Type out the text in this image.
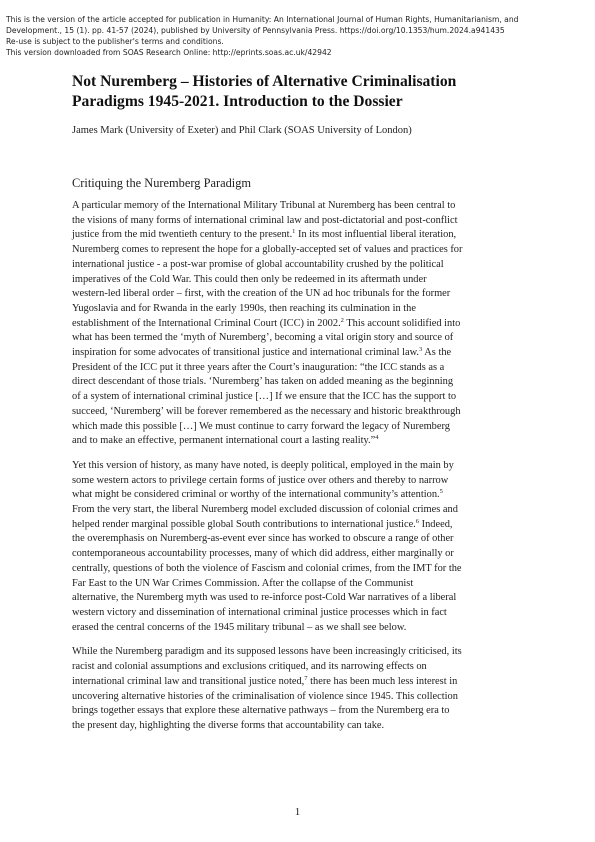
This is the version of the article accepted for publication in Humanity: An International Journal of Human Rights, Humanitarianism, and
Development., 15 (1). pp. 41-57 (2024), published by University of Pennsylvania Press. https://doi.org/10.1353/hum.2024.a941435
Re-use is subject to the publisher's terms and conditions.
This version downloaded from SOAS Research Online: http://eprints.soas.ac.uk/42942
Not Nuremberg – Histories of Alternative Criminalisation
Paradigms 1945-2021. Introduction to the Dossier
James Mark (University of Exeter) and Phil Clark (SOAS University of London)
Critiquing the Nuremberg Paradigm
A particular memory of the International Military Tribunal at Nuremberg has been central to
the visions of many forms of international criminal law and post-dictatorial and post-conflict
justice from the mid twentieth century to the present.$^1$ In its most influential liberal iteration,
Nuremberg comes to represent the hope for a globally-accepted set of values and practices for
international justice - a post-war promise of global accountability crushed by the political
imperatives of the Cold War. This could then only be redeemed in its aftermath under
western-led liberal order – first, with the creation of the UN ad hoc tribunals for the former
Yugoslavia and for Rwanda in the early 1990s, then reaching its culmination in the
establishment of the International Criminal Court (ICC) in 2002.$^2$ This account solidified into
what has been termed the ‘myth of Nuremberg’, becoming a vital origin story and source of
inspiration for some advocates of transitional justice and international criminal law.$^3$ As the
President of the ICC put it three years after the Court’s inauguration: “the ICC stands as a
direct descendant of those trials. ‘Nuremberg’ has taken on added meaning as the beginning
of a system of international criminal justice […] If we ensure that the ICC has the support to
succeed, ‘Nuremberg’ will be forever remembered as the necessary and historic breakthrough
which made this possible […] We must continue to carry forward the legacy of Nuremberg
and to make an effective, permanent international court a lasting reality.”$^4$
Yet this version of history, as many have noted, is deeply political, employed in the main by
some western actors to privilege certain forms of justice over others and thereby to narrow
what might be considered criminal or worthy of the international community’s attention.$^5$
From the very start, the liberal Nuremberg model excluded discussion of colonial crimes and
helped render marginal possible global South contributions to international justice.$^6$ Indeed,
the overemphasis on Nuremberg-as-event ever since has worked to obscure a range of other
contemporaneous accountability processes, many of which did address, either marginally or
centrally, questions of both the violence of Fascism and colonial crimes, from the IMT for the
Far East to the UN War Crimes Commission. After the collapse of the Communist
alternative, the Nuremberg myth was used to re-inforce post-Cold War narratives of a liberal
western victory and dissemination of international criminal justice processes which in fact
erased the central concerns of the 1945 military tribunal – as we shall see below.
While the Nuremberg paradigm and its supposed lessons have been increasingly criticised, its
racist and colonial assumptions and exclusions critiqued, and its narrowing effects on
international criminal law and transitional justice noted,$^7$ there has been much less interest in
uncovering alternative histories of the criminalisation of violence since 1945. This collection
brings together essays that explore these alternative pathways – from the Nuremberg era to
the present day, highlighting the diverse forms that accountability can take.
1
